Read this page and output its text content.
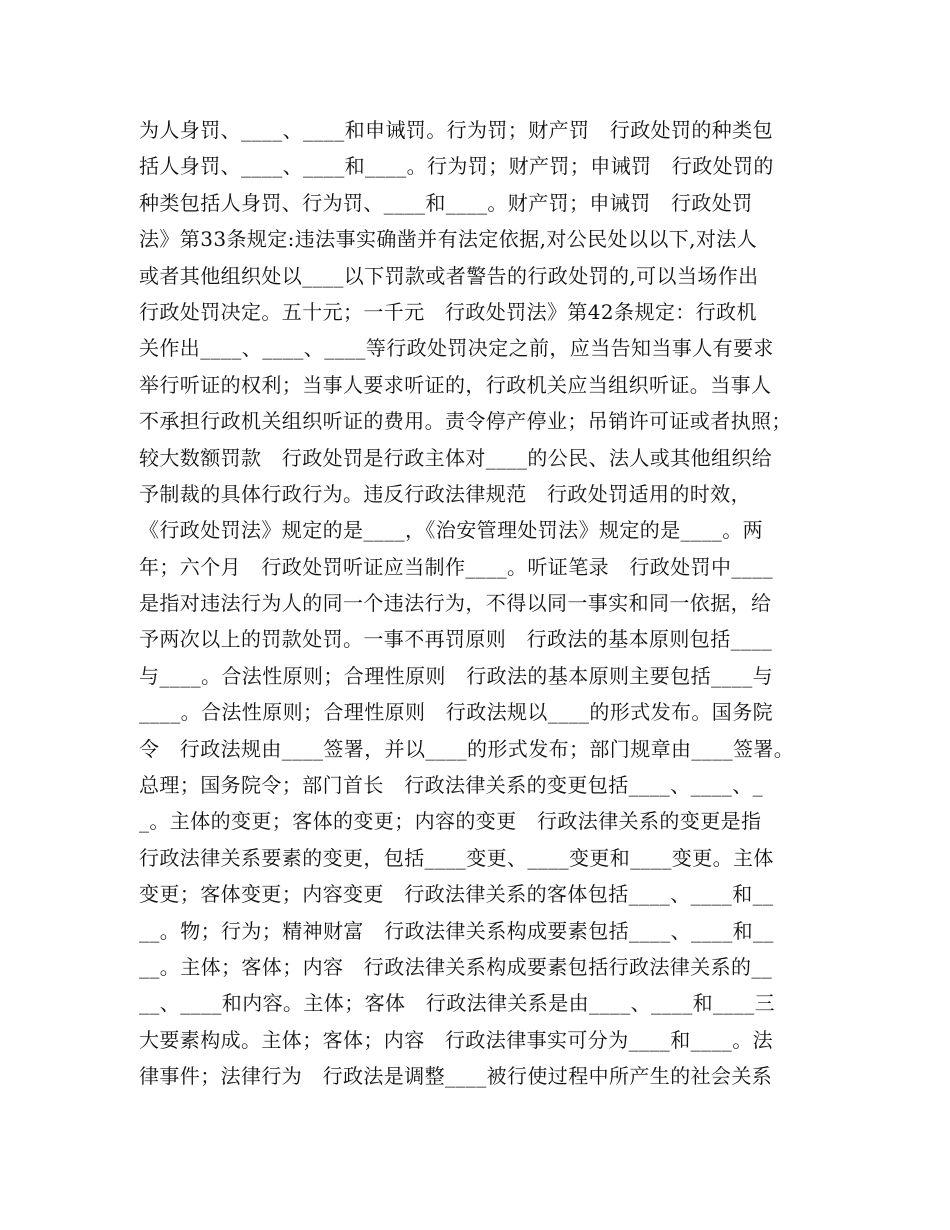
为人身罚、____、____和申诫罚。行为罚；财产罚　行政处罚的种类包
括人身罚、____、____和____。行为罚；财产罚；申诫罚　行政处罚的
种类包括人身罚、行为罚、____和____。财产罚；申诫罚　行政处罚
法》第33条规定:违法事实确凿并有法定依据,对公民处以以下,对法人
或者其他组织处以____以下罚款或者警告的行政处罚的,可以当场作出
行政处罚决定。五十元；一千元　行政处罚法》第42条规定：行政机
关作出____、____、____等行政处罚决定之前，应当告知当事人有要求
举行听证的权利；当事人要求听证的，行政机关应当组织听证。当事人
不承担行政机关组织听证的费用。责令停产停业；吊销许可证或者执照；
较大数额罚款　行政处罚是行政主体对____的公民、法人或其他组织给
予制裁的具体行政行为。违反行政法律规范　行政处罚适用的时效，
《行政处罚法》规定的是____，《治安管理处罚法》规定的是____。两
年；六个月　行政处罚听证应当制作____。听证笔录　行政处罚中____
是指对违法行为人的同一个违法行为，不得以同一事实和同一依据，给
予两次以上的罚款处罚。一事不再罚原则　行政法的基本原则包括____
与____。合法性原则；合理性原则　行政法的基本原则主要包括____与
____。合法性原则；合理性原则　行政法规以____的形式发布。国务院
令　行政法规由____签署，并以____的形式发布；部门规章由____签署。
总理；国务院令；部门首长　行政法律关系的变更包括____、____、_
_。主体的变更；客体的变更；内容的变更　行政法律关系的变更是指
行政法律关系要素的变更，包括____变更、____变更和____变更。主体
变更；客体变更；内容变更　行政法律关系的客体包括____、____和__
__。物；行为；精神财富　行政法律关系构成要素包括____、____和__
__。主体；客体；内容　行政法律关系构成要素包括行政法律关系的__
__、____和内容。主体；客体　行政法律关系是由____、____和____三
大要素构成。主体；客体；内容　行政法律事实可分为____和____。法
律事件；法律行为　行政法是调整____被行使过程中所产生的社会关系
